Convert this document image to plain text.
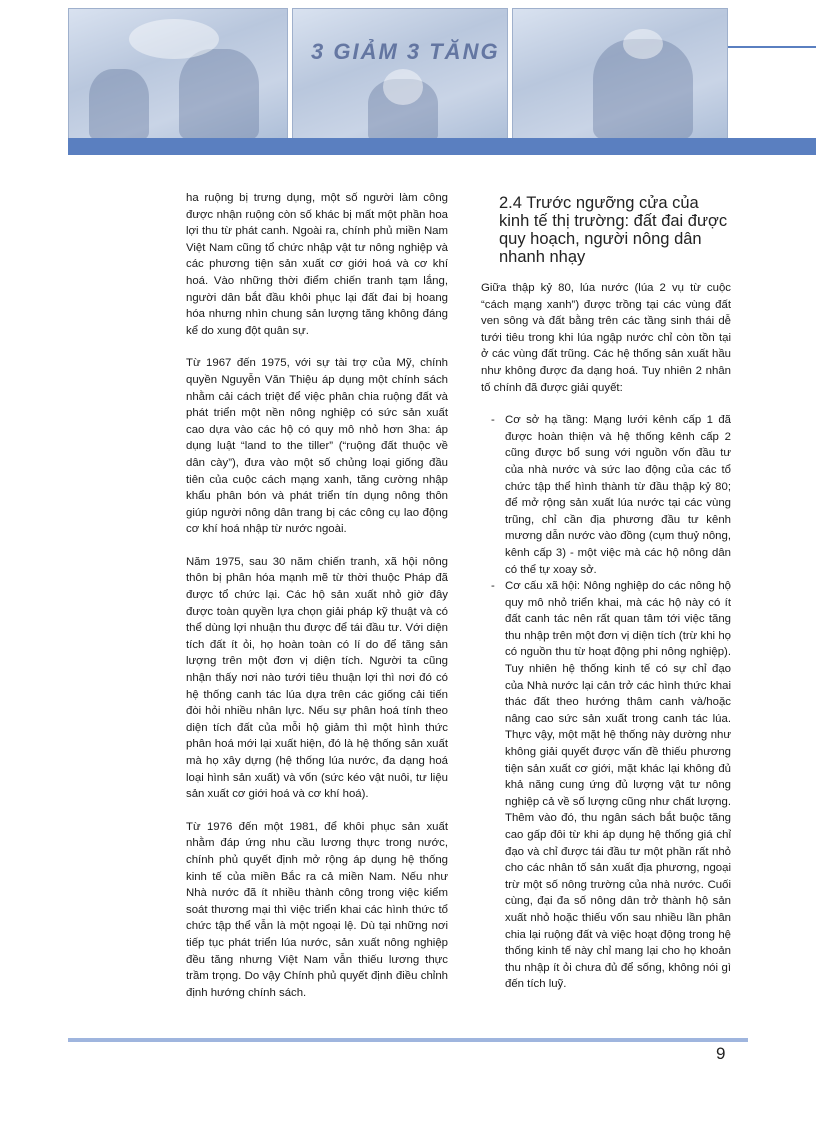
3 GIẢM 3 TĂNG

ha ruộng bị trưng dụng, một số người làm công được nhận ruộng còn số khác bị mất một phần hoa lợi thu từ phát canh. Ngoài ra, chính phủ miền Nam Việt Nam cũng tổ chức nhập vật tư nông nghiệp và các phương tiện sản xuất cơ giới hoá và cơ khí hoá. Vào những thời điểm chiến tranh tạm lắng, người dân bắt đầu khôi phục lại đất đai bị hoang hóa nhưng nhìn chung sản lượng tăng không đáng kể do xung đột quân sự.

Từ 1967 đến 1975, với sự tài trợ của Mỹ, chính quyền Nguyễn Văn Thiệu áp dụng một chính sách nhằm cải cách triệt để việc phân chia ruộng đất và phát triển một nền nông nghiệp có sức sản xuất cao dựa vào các hộ có quy mô nhỏ hơn 3ha: áp dụng luật “land to the tiller” (“ruộng đất thuộc về dân cày”), đưa vào một số chủng loại giống đầu tiên của cuộc cách mạng xanh, tăng cường nhập khẩu phân bón và phát triển tín dụng nông thôn giúp người nông dân trang bị các công cụ lao động cơ khí hoá nhập từ nước ngoài.

Năm 1975, sau 30 năm chiến tranh, xã hội nông thôn bị phân hóa mạnh mẽ từ thời thuộc Pháp đã được tổ chức lại. Các hộ sản xuất nhỏ giờ đây được toàn quyền lựa chọn giải pháp kỹ thuật và có thể dùng lợi nhuận thu được để tái đầu tư. Với diện tích đất ít ỏi, họ hoàn toàn có lí do để tăng sản lượng trên một đơn vị diện tích. Người ta cũng nhận thấy nơi nào tưới tiêu thuận lợi thì nơi đó có hệ thống canh tác lúa dựa trên các giống cải tiến đòi hỏi nhiều nhân lực. Nếu sự phân hoá tính theo diện tích đất của mỗi hộ giảm thì một hình thức phân hoá mới lại xuất hiện, đó là hệ thống sản xuất mà họ xây dựng (hệ thống lúa nước, đa dạng hoá loại hình sản xuất) và vốn (sức kéo vật nuôi, tư liệu sản xuất cơ giới hoá và cơ khí hoá).

Từ 1976 đến một 1981, để khôi phục sản xuất nhằm đáp ứng nhu cầu lương thực trong nước, chính phủ quyết định mở rộng áp dụng hệ thống kinh tế của miền Bắc ra cả miền Nam. Nếu như Nhà nước đã ít nhiều thành công trong việc kiểm soát thương mại thì việc triển khai các hình thức tổ chức tập thể vẫn là một ngoại lệ. Dù tại những nơi tiếp tục phát triển lúa nước, sản xuất nông nghiệp đều tăng nhưng Việt Nam vẫn thiếu lương thực trầm trọng. Do vậy Chính phủ quyết định điều chỉnh định hướng chính sách.

2.4 Trước ngưỡng cửa của kinh tế thị trường: đất đai được quy hoạch, người nông dân nhanh nhạy

Giữa thập kỷ 80, lúa nước (lúa 2 vụ từ cuộc “cách mạng xanh”) được trồng tại các vùng đất ven sông và đất bằng trên các tầng sinh thái dễ tưới tiêu trong khi lúa ngập nước chỉ còn tồn tại ở các vùng đất trũng. Các hệ thống sản xuất hầu như không được đa dạng hoá. Tuy nhiên 2 nhân tố chính đã được giải quyết:

- Cơ sở hạ tầng: Mạng lưới kênh cấp 1 đã được hoàn thiện và hệ thống kênh cấp 2 cũng được bổ sung với nguồn vốn đầu tư của nhà nước và sức lao động của các tổ chức tập thể hình thành từ đầu thập kỷ 80; để mở rộng sản xuất lúa nước tại các vùng trũng, chỉ cần địa phương đầu tư kênh mương dẫn nước vào đồng (cụm thuỷ nông, kênh cấp 3) - một việc mà các hộ nông dân có thể tự xoay sở.
- Cơ cấu xã hội: Nông nghiệp do các nông hộ quy mô nhỏ triển khai, mà các hộ này có ít đất canh tác nên rất quan tâm tới việc tăng thu nhập trên một đơn vị diện tích (trừ khi họ có nguồn thu từ hoạt động phi nông nghiệp). Tuy nhiên hệ thống kinh tế có sự chỉ đạo của Nhà nước lại cản trở các hình thức khai thác đất theo hướng thâm canh và/hoặc nâng cao sức sản xuất trong canh tác lúa. Thực vậy, một mặt hệ thống này dường như không giải quyết được vấn đề thiếu phương tiện sản xuất cơ giới, mặt khác lại không đủ khả năng cung ứng đủ lượng vật tư nông nghiệp cả về số lượng cũng như chất lượng. Thêm vào đó, thu ngân sách bắt buộc tăng cao gấp đôi từ khi áp dụng hệ thống giá chỉ đạo và chỉ được tái đầu tư một phần rất nhỏ cho các nhân tố sản xuất địa phương, ngoại trừ một số nông trường của nhà nước. Cuối cùng, đại đa số nông dân trở thành hộ sản xuất nhỏ hoặc thiếu vốn sau nhiều lần phân chia lại ruộng đất và việc hoạt động trong hệ thống kinh tế này chỉ mang lại cho họ khoản thu nhập ít ỏi chưa đủ để sống, không nói gì đến tích luỹ.
9
